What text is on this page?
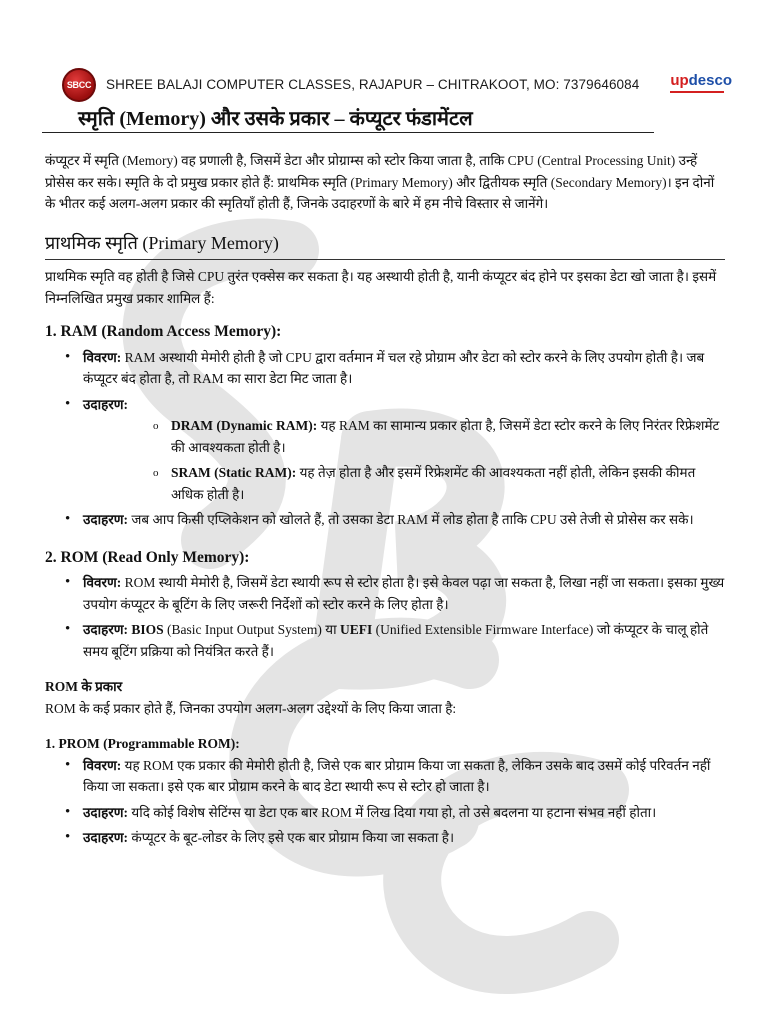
SBCC SHREE BALAJI COMPUTER CLASSES, RAJAPUR – CHITRAKOOT, MO: 7379646084 updesco
स्मृति (Memory) और उसके प्रकार – कंप्यूटर फंडामेंटल

कंप्यूटर में स्मृति (Memory) वह प्रणाली है, जिसमें डेटा और प्रोग्राम्स को स्टोर किया जाता है, ताकि CPU (Central Processing Unit) उन्हें प्रोसेस कर सके। स्मृति के दो प्रमुख प्रकार होते हैं: प्राथमिक स्मृति (Primary Memory) और द्वितीयक स्मृति (Secondary Memory)। इन दोनों के भीतर कई अलग-अलग प्रकार की स्मृतियाँ होती हैं, जिनके उदाहरणों के बारे में हम नीचे विस्तार से जानेंगे।

प्राथमिक स्मृति (Primary Memory)

प्राथमिक स्मृति वह होती है जिसे CPU तुरंत एक्सेस कर सकता है। यह अस्थायी होती है, यानी कंप्यूटर बंद होने पर इसका डेटा खो जाता है। इसमें निम्नलिखित प्रमुख प्रकार शामिल हैं:

1. RAM (Random Access Memory):
• विवरण: RAM अस्थायी मेमोरी होती है जो CPU द्वारा वर्तमान में चल रहे प्रोग्राम और डेटा को स्टोर करने के लिए उपयोग होती है। जब कंप्यूटर बंद होता है, तो RAM का सारा डेटा मिट जाता है।
• उदाहरण:
o DRAM (Dynamic RAM): यह RAM का सामान्य प्रकार होता है, जिसमें डेटा स्टोर करने के लिए निरंतर रिफ्रेशमेंट की आवश्यकता होती है।
o SRAM (Static RAM): यह तेज़ होता है और इसमें रिफ्रेशमेंट की आवश्यकता नहीं होती, लेकिन इसकी कीमत अधिक होती है।
• उदाहरण: जब आप किसी एप्लिकेशन को खोलते हैं, तो उसका डेटा RAM में लोड होता है ताकि CPU उसे तेजी से प्रोसेस कर सके।
2. ROM (Read Only Memory):
• विवरण: ROM स्थायी मेमोरी है, जिसमें डेटा स्थायी रूप से स्टोर होता है। इसे केवल पढ़ा जा सकता है, लिखा नहीं जा सकता। इसका मुख्य उपयोग कंप्यूटर के बूटिंग के लिए जरूरी निर्देशों को स्टोर करने के लिए होता है।
• उदाहरण: BIOS (Basic Input Output System) या UEFI (Unified Extensible Firmware Interface) जो कंप्यूटर के चालू होते समय बूटिंग प्रक्रिया को नियंत्रित करते हैं।
ROM के प्रकार

ROM के कई प्रकार होते हैं, जिनका उपयोग अलग-अलग उद्देश्यों के लिए किया जाता है:

1. PROM (Programmable ROM):
• विवरण: यह ROM एक प्रकार की मेमोरी होती है, जिसे एक बार प्रोग्राम किया जा सकता है, लेकिन उसके बाद उसमें कोई परिवर्तन नहीं किया जा सकता। इसे एक बार प्रोग्राम करने के बाद डेटा स्थायी रूप से स्टोर हो जाता है।
• उदाहरण: यदि कोई विशेष सेटिंग्स या डेटा एक बार ROM में लिख दिया गया हो, तो उसे बदलना या हटाना संभव नहीं होता।
• उदाहरण: कंप्यूटर के बूट-लोडर के लिए इसे एक बार प्रोग्राम किया जा सकता है।
